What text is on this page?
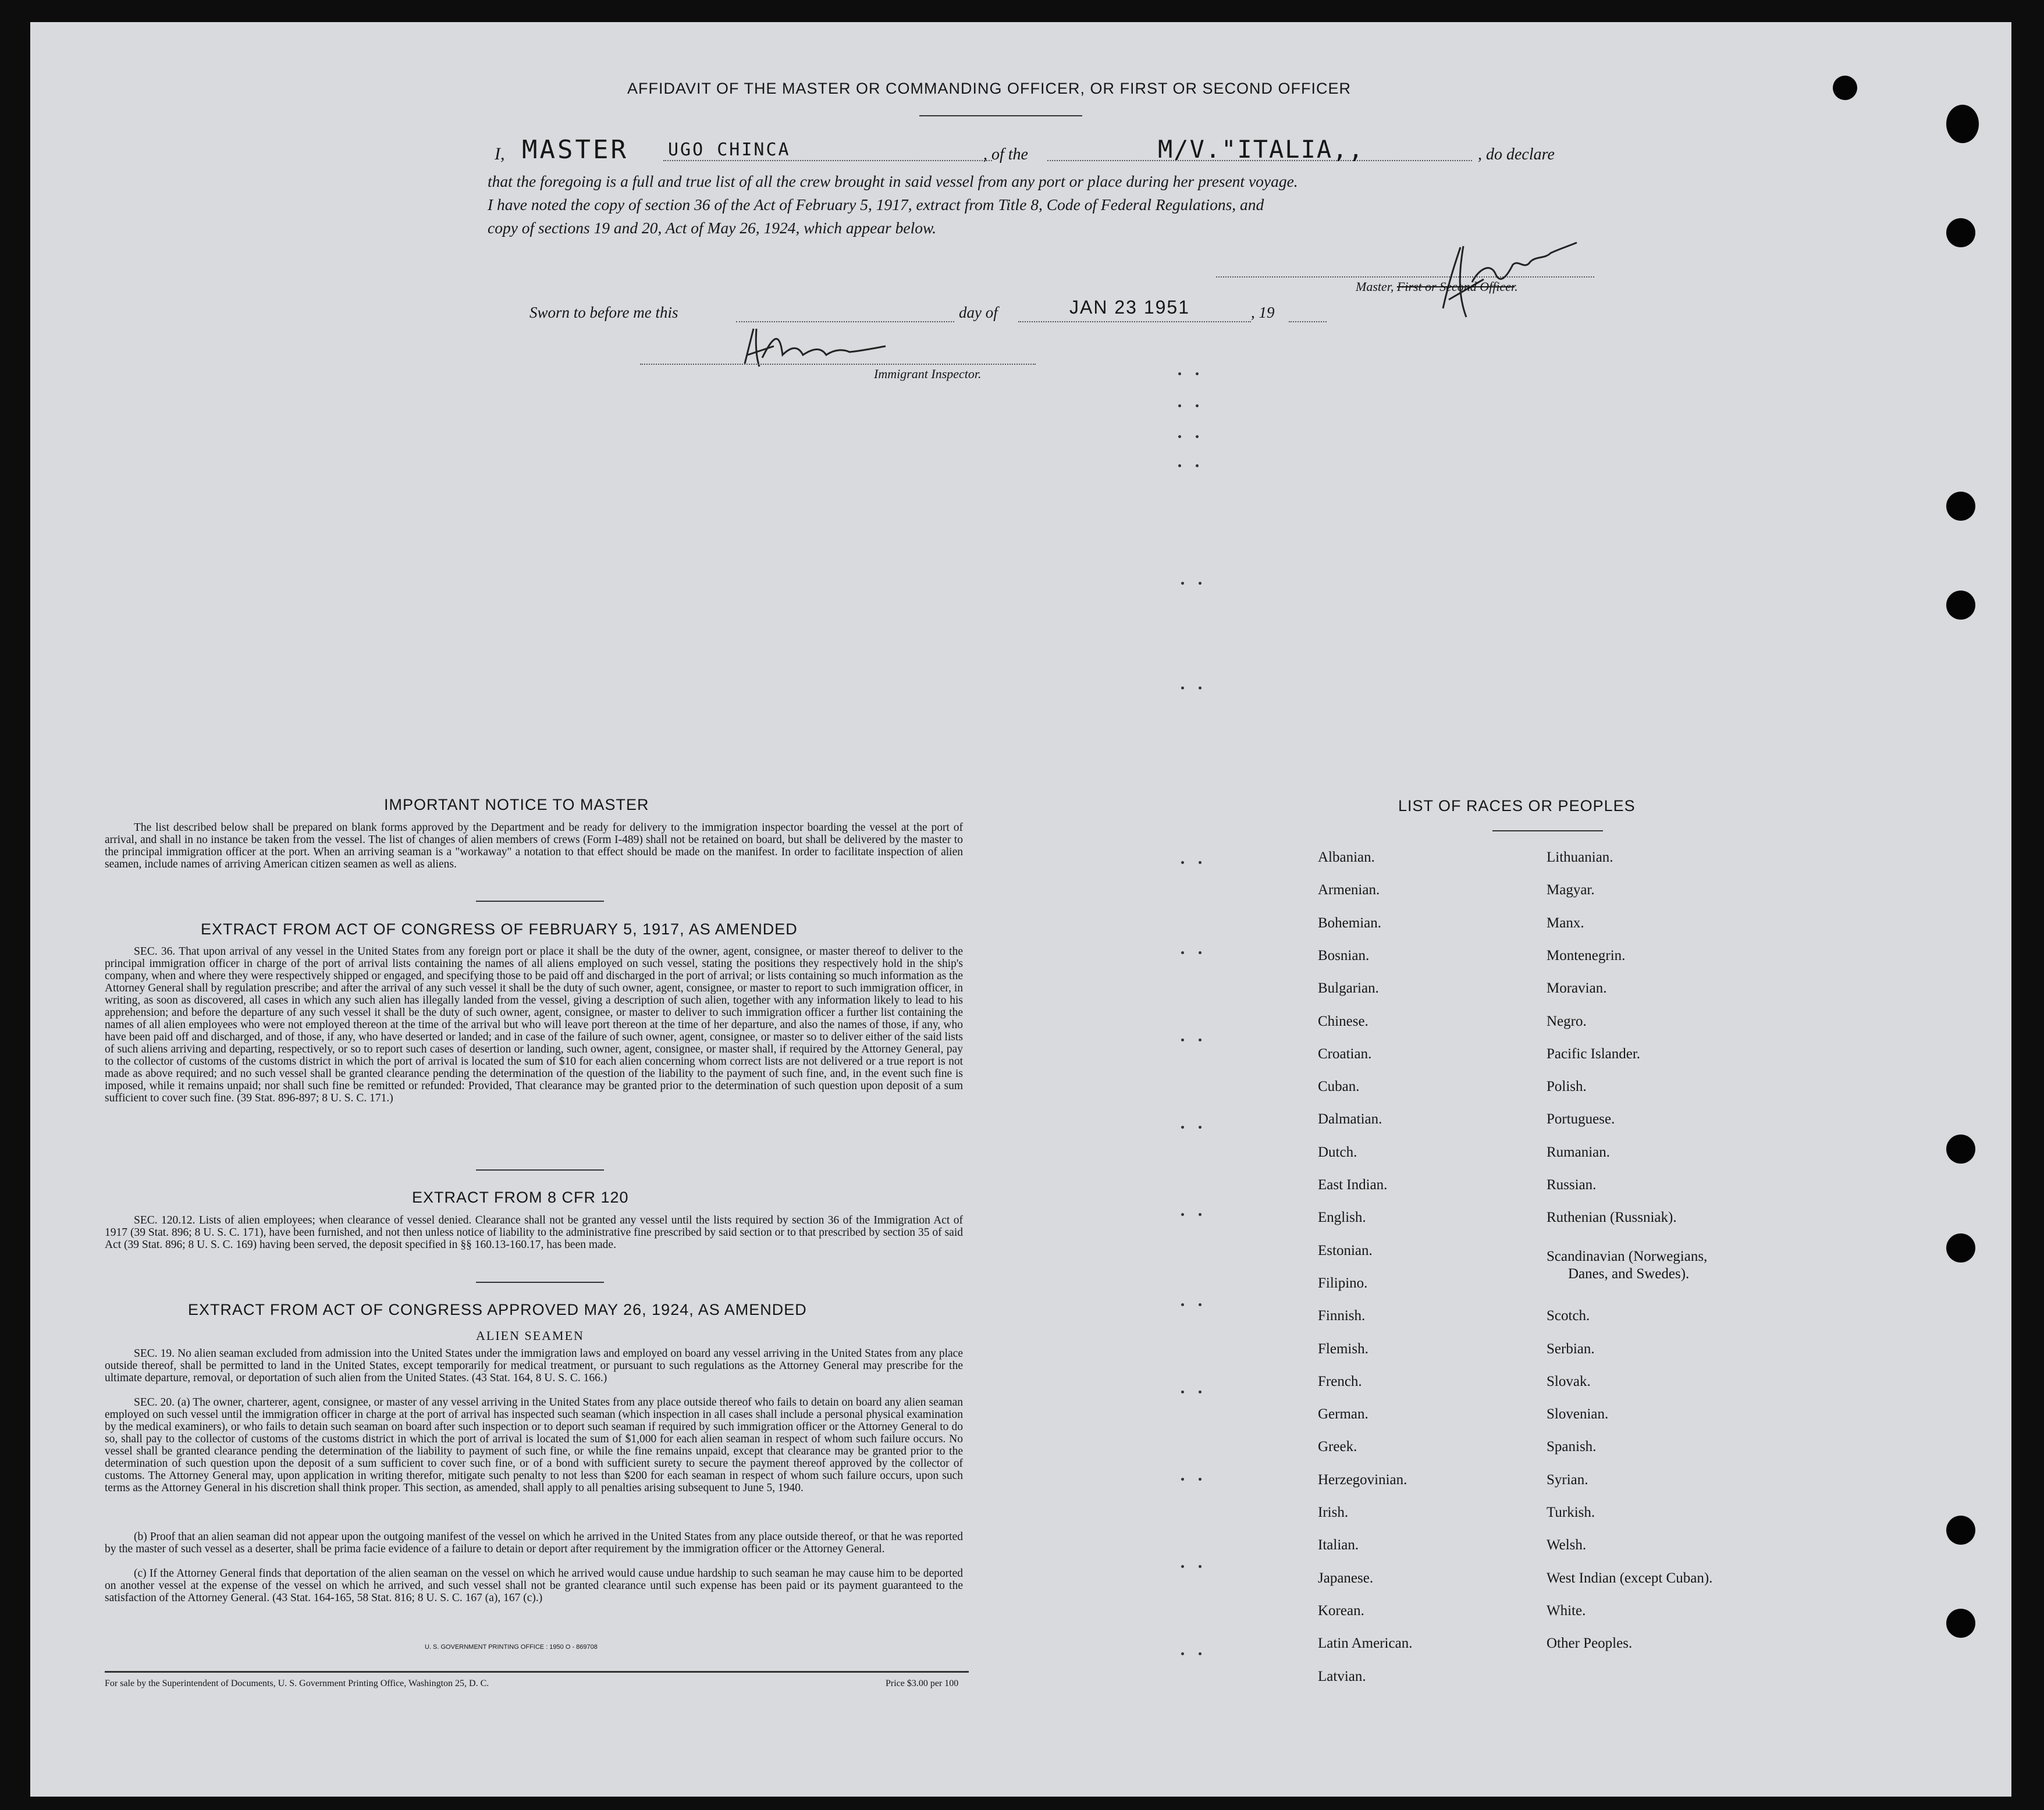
AFFIDAVIT OF THE MASTER OR COMMANDING OFFICER, OR FIRST OR SECOND OFFICER
I, MASTER UGO CHINCA	, of the	M/V."ITALIA,,	, do declare
that the foregoing is a full and true list of all the crew brought in said vessel from any port or place during her present voyage.
I have noted the copy of section 36 of the Act of February 5, 1917, extract from Title 8, Code of Federal Regulations, and
copy of sections 19 and 20, Act of May 26, 1924, which appear below.
Master, First or Second Officer.
Sworn to before me this	day of	JAN 23 1951	, 19
Immigrant Inspector.
IMPORTANT NOTICE TO MASTER

The list described below shall be prepared on blank forms approved by the Department and be ready for delivery to the immigration inspector boarding the vessel at the port of arrival, and shall in no instance be taken from the vessel. The list of changes of alien members of crews (Form I-489) shall not be retained on board, but shall be delivered by the master to the principal immigration officer at the port. When an arriving seaman is a "workaway" a notation to that effect should be made on the manifest. In order to facilitate inspection of alien seamen, include names of arriving American citizen seamen as well as aliens.

EXTRACT FROM ACT OF CONGRESS OF FEBRUARY 5, 1917, AS AMENDED

SEC. 36. That upon arrival of any vessel in the United States from any foreign port or place it shall be the duty of the owner, agent, consignee, or master thereof to deliver to the principal immigration officer in charge of the port of arrival lists containing the names of all aliens employed on such vessel, stating the positions they respectively hold in the ship's company, when and where they were respectively shipped or engaged, and specifying those to be paid off and discharged in the port of arrival; or lists containing so much information as the Attorney General shall by regulation prescribe; and after the arrival of any such vessel it shall be the duty of such owner, agent, consignee, or master to report to such immigration officer, in writing, as soon as discovered, all cases in which any such alien has illegally landed from the vessel, giving a description of such alien, together with any information likely to lead to his apprehension; and before the departure of any such vessel it shall be the duty of such owner, agent, consignee, or master to deliver to such immigration officer a further list containing the names of all alien employees who were not employed thereon at the time of the arrival but who will leave port thereon at the time of her departure, and also the names of those, if any, who have been paid off and discharged, and of those, if any, who have deserted or landed; and in case of the failure of such owner, agent, consignee, or master so to deliver either of the said lists of such aliens arriving and departing, respectively, or so to report such cases of desertion or landing, such owner, agent, consignee, or master shall, if required by the Attorney General, pay to the collector of customs of the customs district in which the port of arrival is located the sum of $10 for each alien concerning whom correct lists are not delivered or a true report is not made as above required; and no such vessel shall be granted clearance pending the determination of the question of the liability to the payment of such fine, and, in the event such fine is imposed, while it remains unpaid; nor shall such fine be remitted or refunded: Provided, That clearance may be granted prior to the determination of such question upon deposit of a sum sufficient to cover such fine. (39 Stat. 896-897; 8 U. S. C. 171.)

EXTRACT FROM 8 CFR 120

SEC. 120.12. Lists of alien employees; when clearance of vessel denied. Clearance shall not be granted any vessel until the lists required by section 36 of the Immigration Act of 1917 (39 Stat. 896; 8 U. S. C. 171), have been furnished, and not then unless notice of liability to the administrative fine prescribed by said section or to that prescribed by section 35 of said Act (39 Stat. 896; 8 U. S. C. 169) having been served, the deposit specified in §§ 160.13-160.17, has been made.

EXTRACT FROM ACT OF CONGRESS APPROVED MAY 26, 1924, AS AMENDED
ALIEN SEAMEN

SEC. 19. No alien seaman excluded from admission into the United States under the immigration laws and employed on board any vessel arriving in the United States from any place outside thereof, shall be permitted to land in the United States, except temporarily for medical treatment, or pursuant to such regulations as the Attorney General may prescribe for the ultimate departure, removal, or deportation of such alien from the United States. (43 Stat. 164, 8 U. S. C. 166.)

SEC. 20. (a) The owner, charterer, agent, consignee, or master of any vessel arriving in the United States from any place outside thereof who fails to detain on board any alien seaman employed on such vessel until the immigration officer in charge at the port of arrival has inspected such seaman (which inspection in all cases shall include a personal physical examination by the medical examiners), or who fails to detain such seaman on board after such inspection or to deport such seaman if required by such immigration officer or the Attorney General to do so, shall pay to the collector of customs of the customs district in which the port of arrival is located the sum of $1,000 for each alien seaman in respect of whom such failure occurs. No vessel shall be granted clearance pending the determination of the liability to payment of such fine, or while the fine remains unpaid, except that clearance may be granted prior to the determination of such question upon the deposit of a sum sufficient to cover such fine, or of a bond with sufficient surety to secure the payment thereof approved by the collector of customs. The Attorney General may, upon application in writing therefor, mitigate such penalty to not less than $200 for each seaman in respect of whom such failure occurs, upon such terms as the Attorney General in his discretion shall think proper. This section, as amended, shall apply to all penalties arising subsequent to June 5, 1940.

(b) Proof that an alien seaman did not appear upon the outgoing manifest of the vessel on which he arrived in the United States from any place outside thereof, or that he was reported by the master of such vessel as a deserter, shall be prima facie evidence of a failure to detain or deport after requirement by the immigration officer or the Attorney General.

(c) If the Attorney General finds that deportation of the alien seaman on the vessel on which he arrived would cause undue hardship to such seaman he may cause him to be deported on another vessel at the expense of the vessel on which he arrived, and such vessel shall not be granted clearance until such expense has been paid or its payment guaranteed to the satisfaction of the Attorney General. (43 Stat. 164-165, 58 Stat. 816; 8 U. S. C. 167 (a), 167 (c).)

U. S. GOVERNMENT PRINTING OFFICE : 1950 O - 869708
For sale by the Superintendent of Documents, U. S. Government Printing Office, Washington 25, D. C.	Price $3.00 per 100
LIST OF RACES OR PEOPLES
Albanian.
Armenian.
Bohemian.
Bosnian.
Bulgarian.
Chinese.
Croatian.
Cuban.
Dalmatian.
Dutch.
East Indian.
English.
Estonian.
Filipino.
Finnish.
Flemish.
French.
German.
Greek.
Herzegovinian.
Irish.
Italian.
Japanese.
Korean.
Latin American.
Latvian.
Lithuanian.
Magyar.
Manx.
Montenegrin.
Moravian.
Negro.
Pacific Islander.
Polish.
Portuguese.
Rumanian.
Russian.
Ruthenian (Russniak).
Scandinavian (Norwegians,
Danes, and Swedes).
Scotch.
Serbian.
Slovak.
Slovenian.
Spanish.
Syrian.
Turkish.
Welsh.
West Indian (except Cuban).
White.
Other Peoples.
